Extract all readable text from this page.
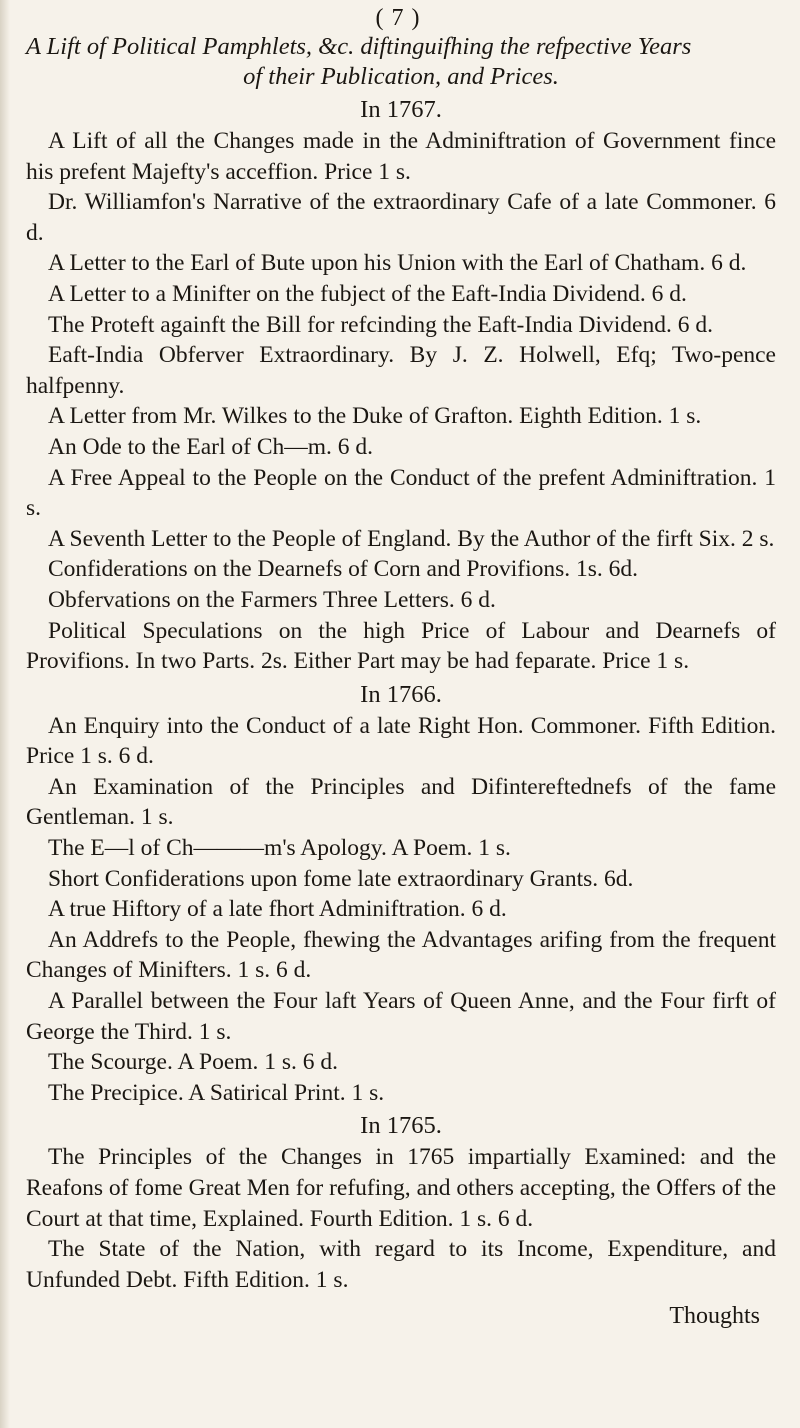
( 7 )
A Lift of Political Pamphlets, &c. diftinguifhing the refpective Years
of their Publication, and Prices.
In 1767.

A Lift of all the Changes made in the Adminiftration of Government fince his prefent Majefty's acceffion. Price 1 s.

Dr. Williamfon's Narrative of the extraordinary Cafe of a late Commoner. 6 d.

A Letter to the Earl of Bute upon his Union with the Earl of Chatham. 6 d.

A Letter to a Minifter on the fubject of the Eaft-India Dividend. 6 d.

The Proteft againft the Bill for refcinding the Eaft-India Dividend. 6 d.

Eaft-India Obferver Extraordinary. By J. Z. Holwell, Efq; Two-pence halfpenny.

A Letter from Mr. Wilkes to the Duke of Grafton. Eighth Edition. 1 s.

An Ode to the Earl of Ch—m. 6 d.

A Free Appeal to the People on the Conduct of the prefent Adminiftration. 1 s.

A Seventh Letter to the People of England. By the Author of the firft Six. 2 s.

Confiderations on the Dearnefs of Corn and Provifions. 1s. 6d.

Obfervations on the Farmers Three Letters. 6 d.

Political Speculations on the high Price of Labour and Dearnefs of Provifions. In two Parts. 2s. Either Part may be had feparate. Price 1 s.

In 1766.

An Enquiry into the Conduct of a late Right Hon. Commoner. Fifth Edition. Price 1 s. 6 d.

An Examination of the Principles and Difintereftednefs of the fame Gentleman. 1 s.

The E—l of Ch———m's Apology. A Poem. 1 s.

Short Confiderations upon fome late extraordinary Grants. 6d.

A true Hiftory of a late fhort Adminiftration. 6 d.

An Addrefs to the People, fhewing the Advantages arifing from the frequent Changes of Minifters. 1 s. 6 d.

A Parallel between the Four laft Years of Queen Anne, and the Four firft of George the Third. 1 s.

The Scourge. A Poem. 1 s. 6 d.

The Precipice. A Satirical Print. 1 s.

In 1765.

The Principles of the Changes in 1765 impartially Examined: and the Reafons of fome Great Men for refufing, and others accepting, the Offers of the Court at that time, Explained. Fourth Edition. 1 s. 6 d.

The State of the Nation, with regard to its Income, Expenditure, and Unfunded Debt. Fifth Edition. 1 s.

Thoughts
